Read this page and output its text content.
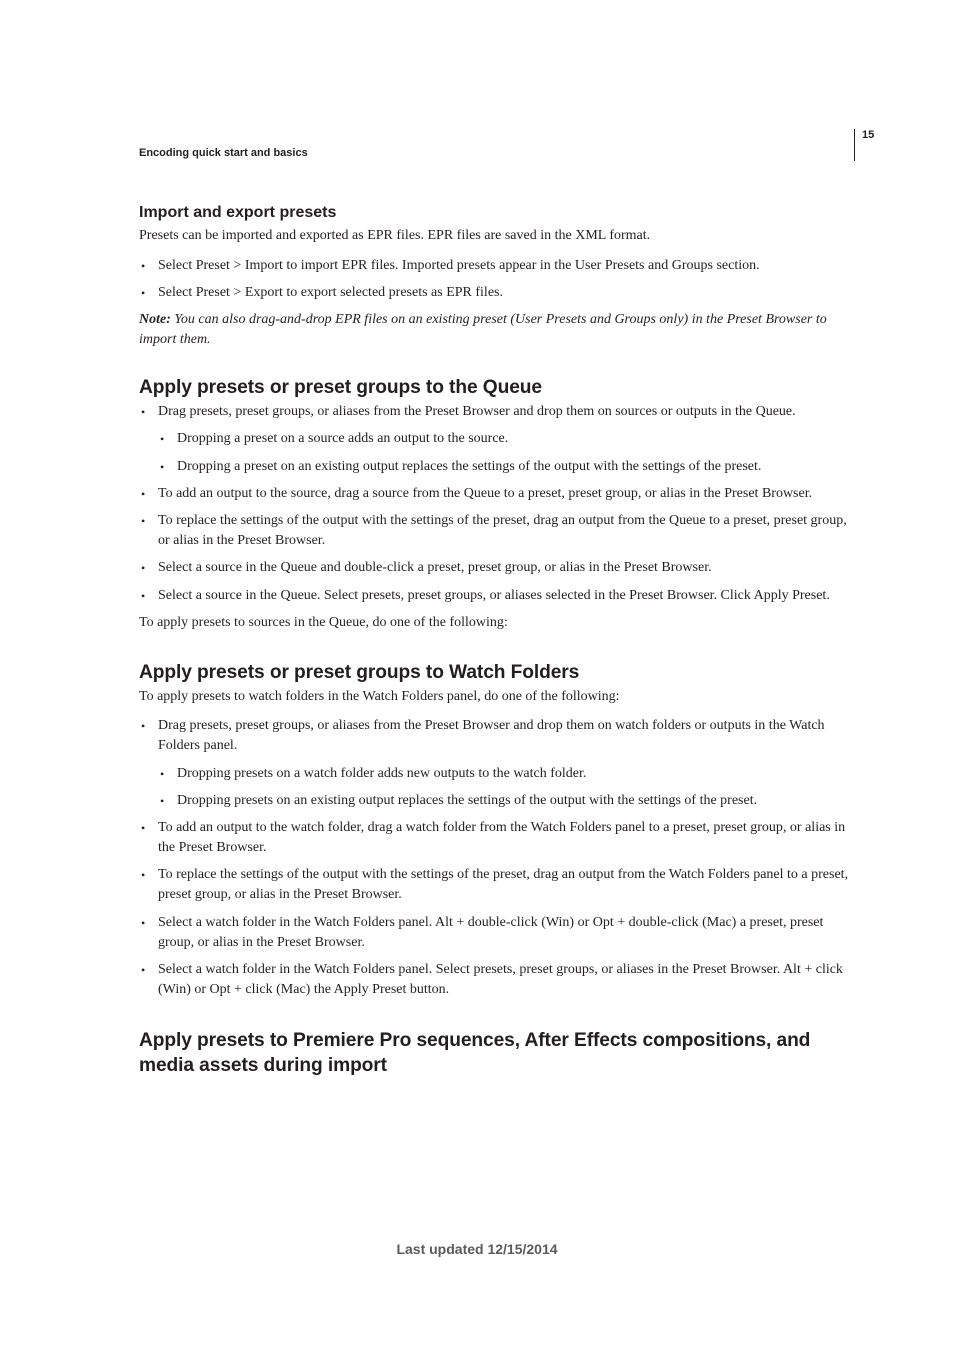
15
Encoding quick start and basics
Import and export presets

Presets can be imported and exported as EPR files. EPR files are saved in the XML format.

• Select Preset > Import to import EPR files. Imported presets appear in the User Presets and Groups section.
• Select Preset > Export to export selected presets as EPR files.

Note: You can also drag-and-drop EPR files on an existing preset (User Presets and Groups only) in the Preset Browser to import them.

Apply presets or preset groups to the Queue
• Drag presets, preset groups, or aliases from the Preset Browser and drop them on sources or outputs in the Queue.
• Dropping a preset on a source adds an output to the source.
• Dropping a preset on an existing output replaces the settings of the output with the settings of the preset.
• To add an output to the source, drag a source from the Queue to a preset, preset group, or alias in the Preset Browser.
• To replace the settings of the output with the settings of the preset, drag an output from the Queue to a preset, preset group, or alias in the Preset Browser.
• Select a source in the Queue and double-click a preset, preset group, or alias in the Preset Browser.
• Select a source in the Queue. Select presets, preset groups, or aliases selected in the Preset Browser. Click Apply Preset.

To apply presets to sources in the Queue, do one of the following:

Apply presets or preset groups to Watch Folders

To apply presets to watch folders in the Watch Folders panel, do one of the following:

• Drag presets, preset groups, or aliases from the Preset Browser and drop them on watch folders or outputs in the Watch Folders panel.
• Dropping presets on a watch folder adds new outputs to the watch folder.
• Dropping presets on an existing output replaces the settings of the output with the settings of the preset.
• To add an output to the watch folder, drag a watch folder from the Watch Folders panel to a preset, preset group, or alias in the Preset Browser.
• To replace the settings of the output with the settings of the preset, drag an output from the Watch Folders panel to a preset, preset group, or alias in the Preset Browser.
• Select a watch folder in the Watch Folders panel. Alt + double-click (Win) or Opt + double-click (Mac) a preset, preset group, or alias in the Preset Browser.
• Select a watch folder in the Watch Folders panel. Select presets, preset groups, or aliases in the Preset Browser. Alt + click (Win) or Opt + click (Mac) the Apply Preset button.
Apply presets to Premiere Pro sequences, After Effects compositions, and media assets during import
Last updated 12/15/2014
